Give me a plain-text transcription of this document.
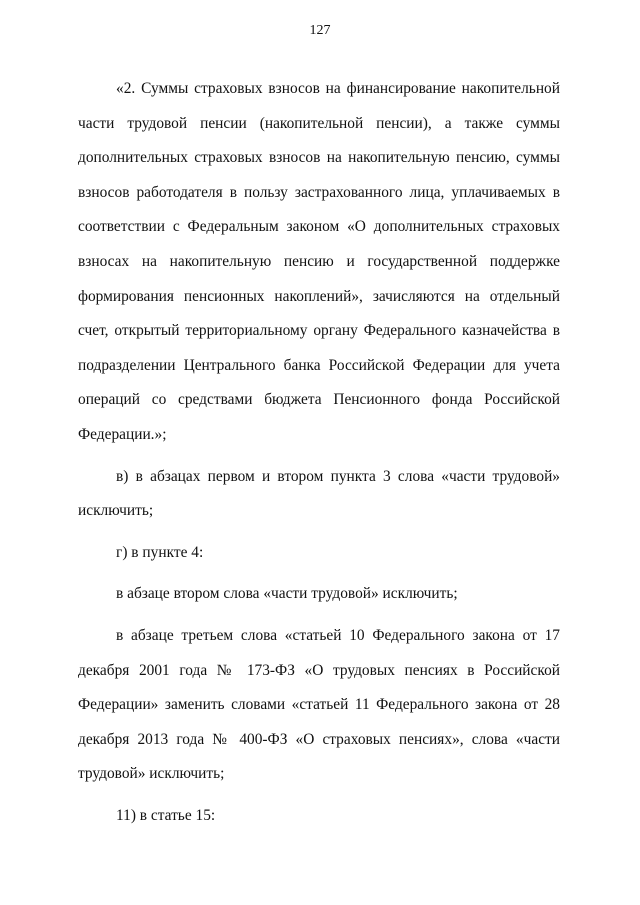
127

«2. Суммы страховых взносов на финансирование накопительной части трудовой пенсии (накопительной пенсии), а также суммы дополнительных страховых взносов на накопительную пенсию, суммы взносов работодателя в пользу застрахованного лица, уплачиваемых в соответствии с Федеральным законом «О дополнительных страховых взносах на накопительную пенсию и государственной поддержке формирования пенсионных накоплений», зачисляются на отдельный счет, открытый территориальному органу Федерального казначейства в подразделении Центрального банка Российской Федерации для учета операций со средствами бюджета Пенсионного фонда Российской Федерации.»;

в) в абзацах первом и втором пункта 3 слова «части трудовой» исключить;

г) в пункте 4:

в абзаце втором слова «части трудовой» исключить;

в абзаце третьем слова «статьей 10 Федерального закона от 17 декабря 2001 года № 173-ФЗ «О трудовых пенсиях в Российской Федерации» заменить словами «статьей 11 Федерального закона от 28 декабря 2013 года № 400-ФЗ «О страховых пенсиях», слова «части трудовой» исключить;

11) в статье 15:
